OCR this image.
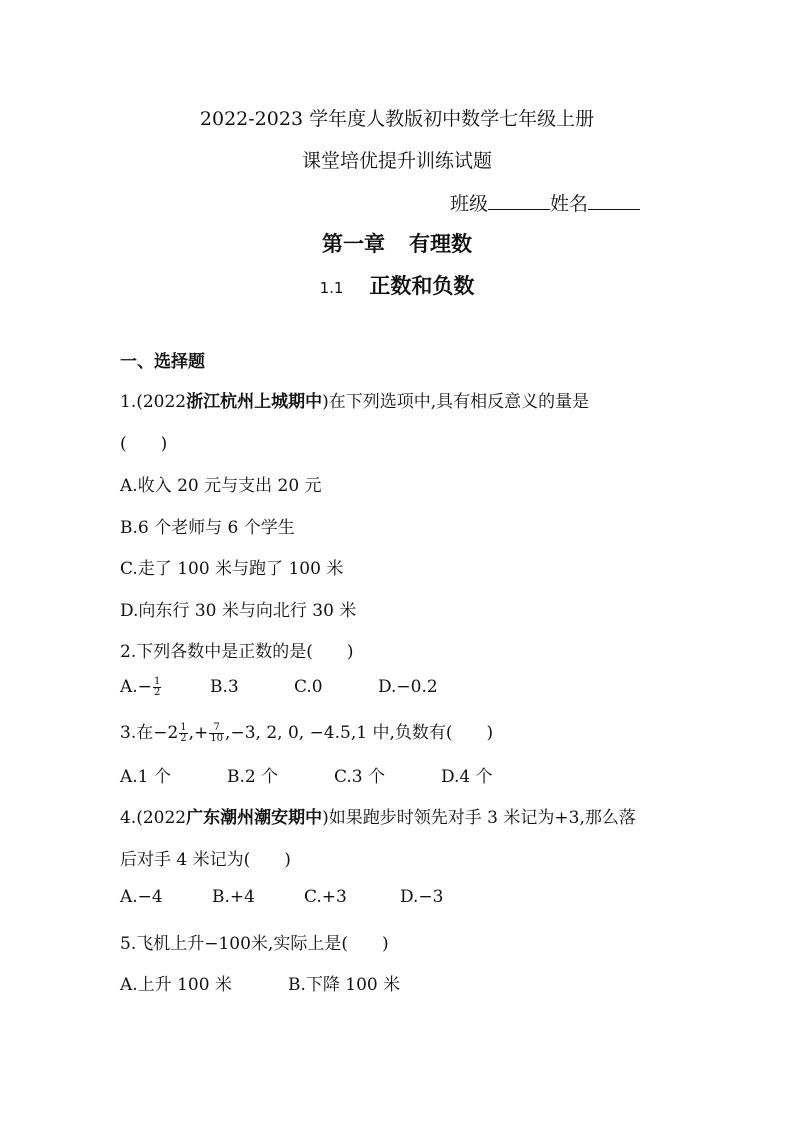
2022-2023 学年度人教版初中数学七年级上册
课堂培优提升训练试题
班级	姓名
第一章 有理数
1.1 正数和负数
一、选择题
1.(2022浙江杭州上城期中)在下列选项中,具有相反意义的量是
(　　)
A.收入 20 元与支出 20 元
B.6 个老师与 6 个学生
C.走了 100 米与跑了 100 米
D.向东行 30 米与向北行 30 米
2.下列各数中是正数的是(　　)
$A.- \frac{1}{2}$	B.3	C.0	D.−0.2
3.在$-2 \frac{1}{2}$ ,+ $\frac{7}{10} ,-3$, 2, 0, −4.5,1 中,负数有(　　)
A.1 个	B.2 个	C.3 个	D.4 个
4.(2022广东潮州潮安期中)如果跑步时领先对手 3 米记为+3,那么落
后对手 4 米记为(　　)
A.−4	B.+4	C.+3	D.−3
5.飞机上升−100米,实际上是(　　)
A.上升 100 米	B.下降 100 米
